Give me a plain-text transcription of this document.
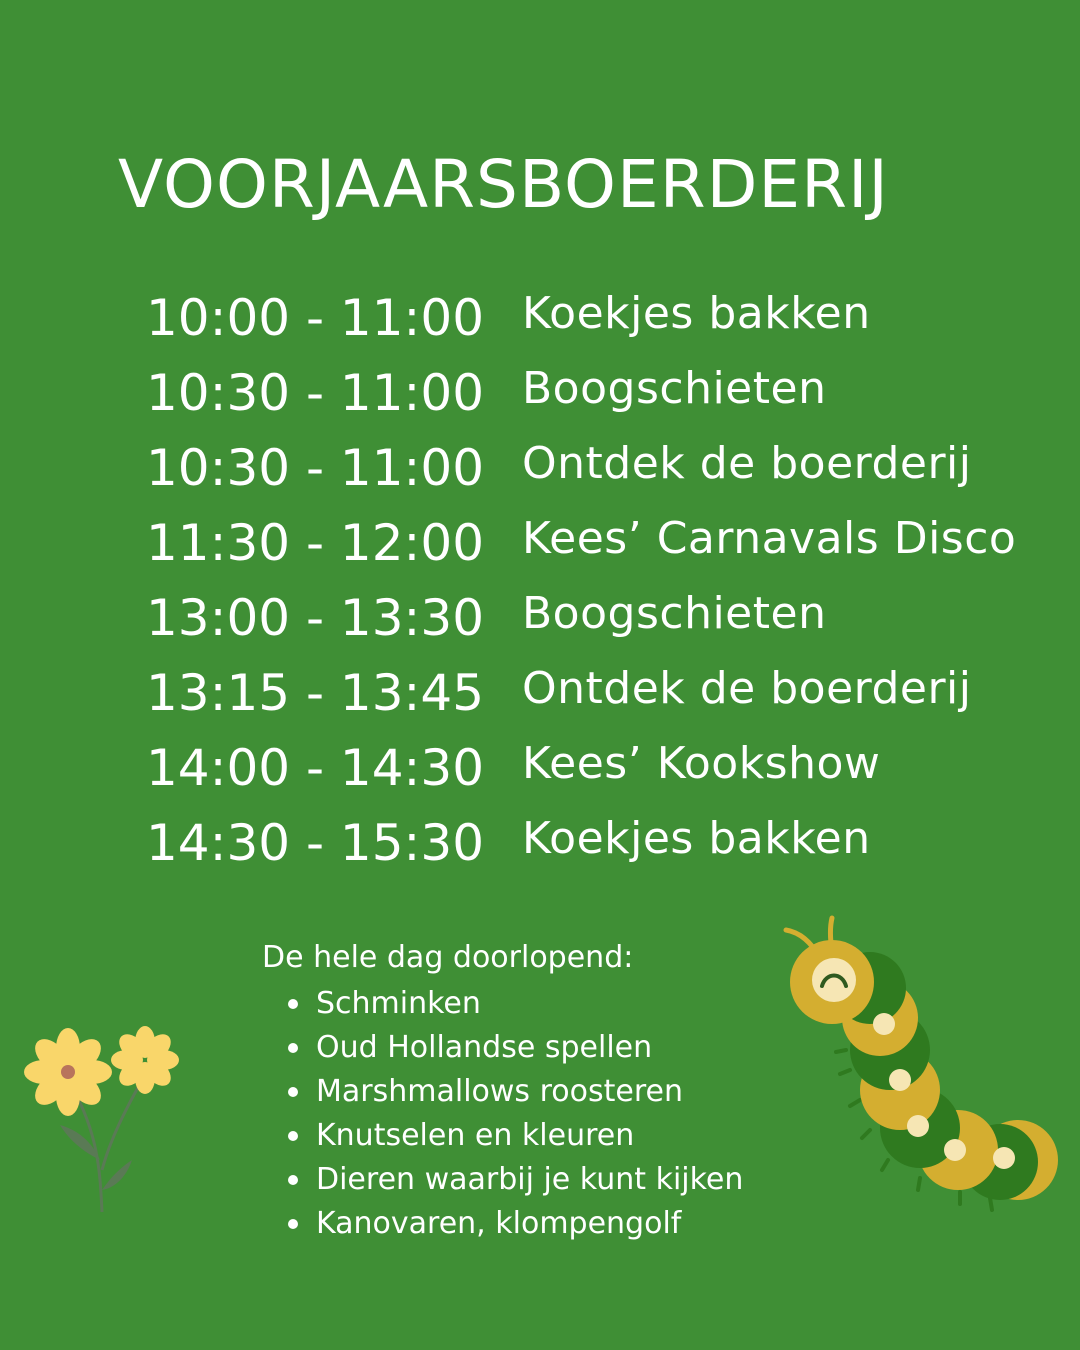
VOORJAARSBOERDERIJ
10:00 - 11:00 Koekjes bakken
10:30 - 11:00 Boogschieten
10:30 - 11:00 Ontdek de boerderij
11:30 - 12:00 Kees’ Carnavals Disco
13:00 - 13:30 Boogschieten
13:15 - 13:45 Ontdek de boerderij
14:00 - 14:30 Kees’ Kookshow
14:30 - 15:30 Koekjes bakken
De hele dag doorlopend:
Schminken
Oud Hollandse spellen
Marshmallows roosteren
Knutselen en kleuren
Dieren waarbij je kunt kijken
Kanovaren, klompengolf
